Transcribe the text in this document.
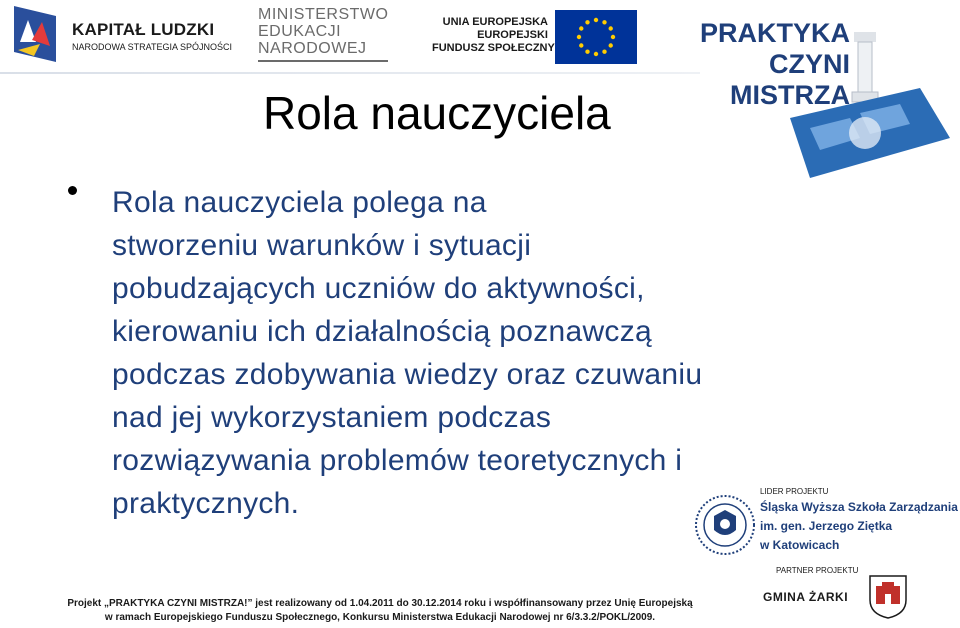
KAPITAŁ LUDZKI
NARODOWA STRATEGIA SPÓJNOŚCI
MINISTERSTWO
EDUKACJI
NARODOWEJ
UNIA EUROPEJSKA
EUROPEJSKI
FUNDUSZ SPOŁECZNY	PRAKTYKA
CZYNI
MISTRZA
Rola nauczyciela
Rola nauczyciela polega na
stworzeniu warunków i sytuacji
pobudzających uczniów do aktywności,
kierowaniu ich działalnością poznawczą
podczas zdobywania wiedzy oraz czuwaniu
nad jej wykorzystaniem podczas
rozwiązywania problemów teoretycznych i
praktycznych.	LIDER PROJEKTU
Śląska Wyższa Szkoła Zarządzania
im. gen. Jerzego Ziętka
w Katowicach
PARTNER PROJEKTU
GMINA ŻARKI
Projekt „PRAKTYKA CZYNI MISTRZA!” jest realizowany od 1.04.2011 do 30.12.2014 roku i współfinansowany przez Unię Europejską
w ramach Europejskiego Funduszu Społecznego, Konkursu Ministerstwa Edukacji Narodowej nr 6/3.3.2/POKL/2009.
